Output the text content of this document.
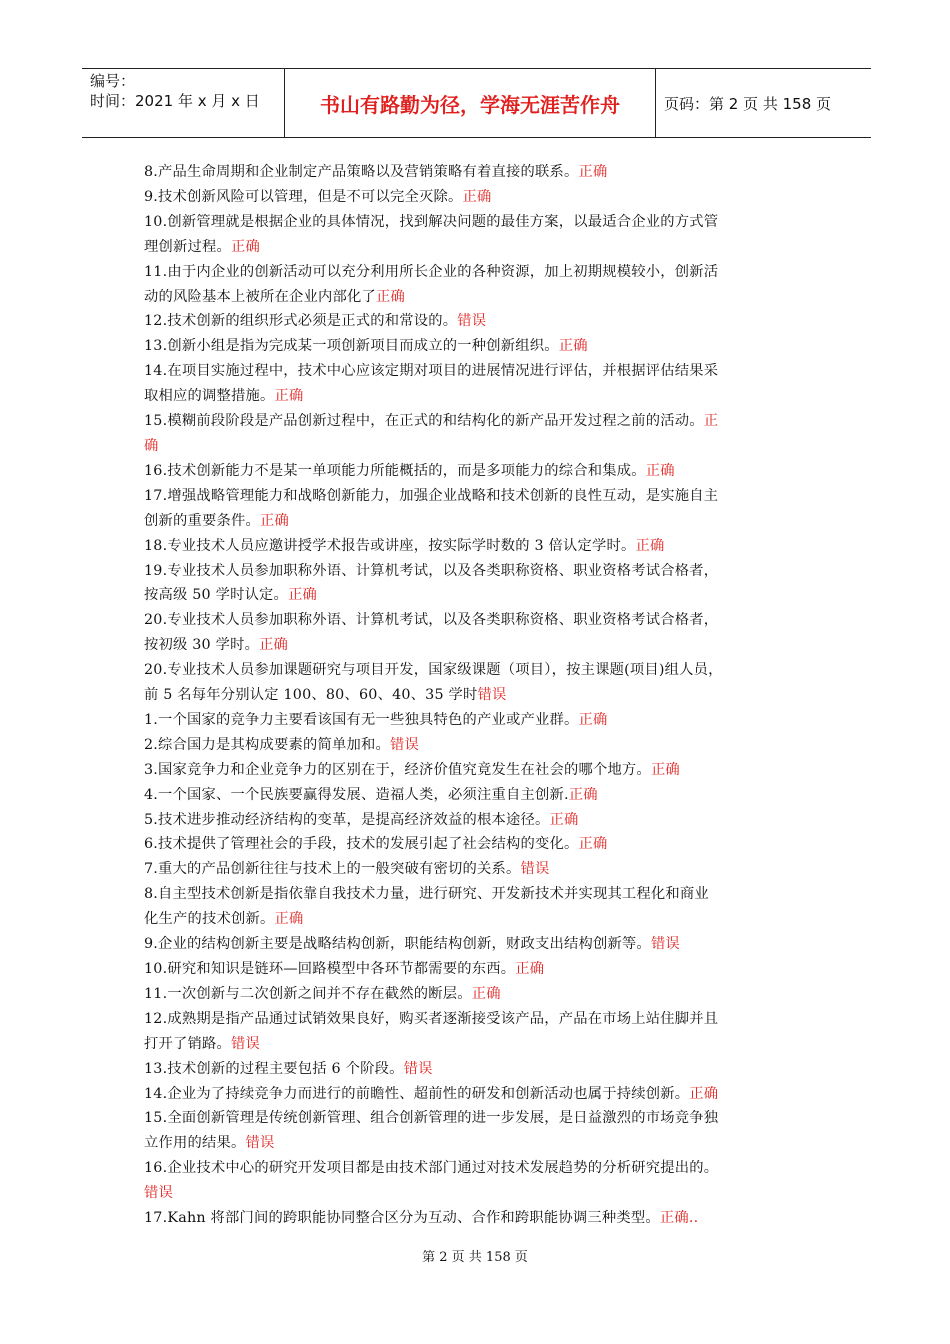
编号：
时间：2021 年 x 月 x 日	书山有路勤为径，学海无涯苦作舟	页码：第 2 页 共 158 页
8.产品生命周期和企业制定产品策略以及营销策略有着直接的联系。正确
9.技术创新风险可以管理，但是不可以完全灭除。正确
10.创新管理就是根据企业的具体情况，找到解决问题的最佳方案，以最适合企业的方式管
理创新过程。正确
11.由于内企业的创新活动可以充分利用所长企业的各种资源，加上初期规模较小，创新活
动的风险基本上被所在企业内部化了正确
12.技术创新的组织形式必须是正式的和常设的。错误
13.创新小组是指为完成某一项创新项目而成立的一种创新组织。正确
14.在项目实施过程中，技术中心应该定期对项目的进展情况进行评估，并根据评估结果采
取相应的调整措施。正确
15.模糊前段阶段是产品创新过程中，在正式的和结构化的新产品开发过程之前的活动。正
确
16.技术创新能力不是某一单项能力所能概括的，而是多项能力的综合和集成。正确
17.增强战略管理能力和战略创新能力，加强企业战略和技术创新的良性互动，是实施自主
创新的重要条件。正确
18.专业技术人员应邀讲授学术报告或讲座，按实际学时数的 3 倍认定学时。正确
19.专业技术人员参加职称外语、计算机考试，以及各类职称资格、职业资格考试合格者，
按高级 50 学时认定。正确
20.专业技术人员参加职称外语、计算机考试，以及各类职称资格、职业资格考试合格者，
按初级 30 学时。正确
20.专业技术人员参加课题研究与项目开发，国家级课题（项目），按主课题(项目)组人员，
前 5 名每年分别认定 100、80、60、40、35 学时错误
1.一个国家的竞争力主要看该国有无一些独具特色的产业或产业群。正确
2.综合国力是其构成要素的简单加和。错误
3.国家竞争力和企业竞争力的区别在于，经济价值究竟发生在社会的哪个地方。正确
4.一个国家、一个民族要赢得发展、造福人类，必须注重自主创新.正确
5.技术进步推动经济结构的变革，是提高经济效益的根本途径。正确
6.技术提供了管理社会的手段，技术的发展引起了社会结构的变化。正确
7.重大的产品创新往往与技术上的一般突破有密切的关系。错误
8.自主型技术创新是指依靠自我技术力量，进行研究、开发新技术并实现其工程化和商业
化生产的技术创新。正确
9.企业的结构创新主要是战略结构创新，职能结构创新，财政支出结构创新等。错误
10.研究和知识是链环—回路模型中各环节都需要的东西。正确
11.一次创新与二次创新之间并不存在截然的断层。正确
12.成熟期是指产品通过试销效果良好，购买者逐渐接受该产品，产品在市场上站住脚并且
打开了销路。错误
13.技术创新的过程主要包括 6 个阶段。错误
14.企业为了持续竞争力而进行的前瞻性、超前性的研发和创新活动也属于持续创新。正确
15.全面创新管理是传统创新管理、组合创新管理的进一步发展，是日益激烈的市场竞争独
立作用的结果。错误
16.企业技术中心的研究开发项目都是由技术部门通过对技术发展趋势的分析研究提出的。
错误
17.Kahn 将部门间的跨职能协同整合区分为互动、合作和跨职能协调三种类型。正确..
第 2 页 共 158 页
